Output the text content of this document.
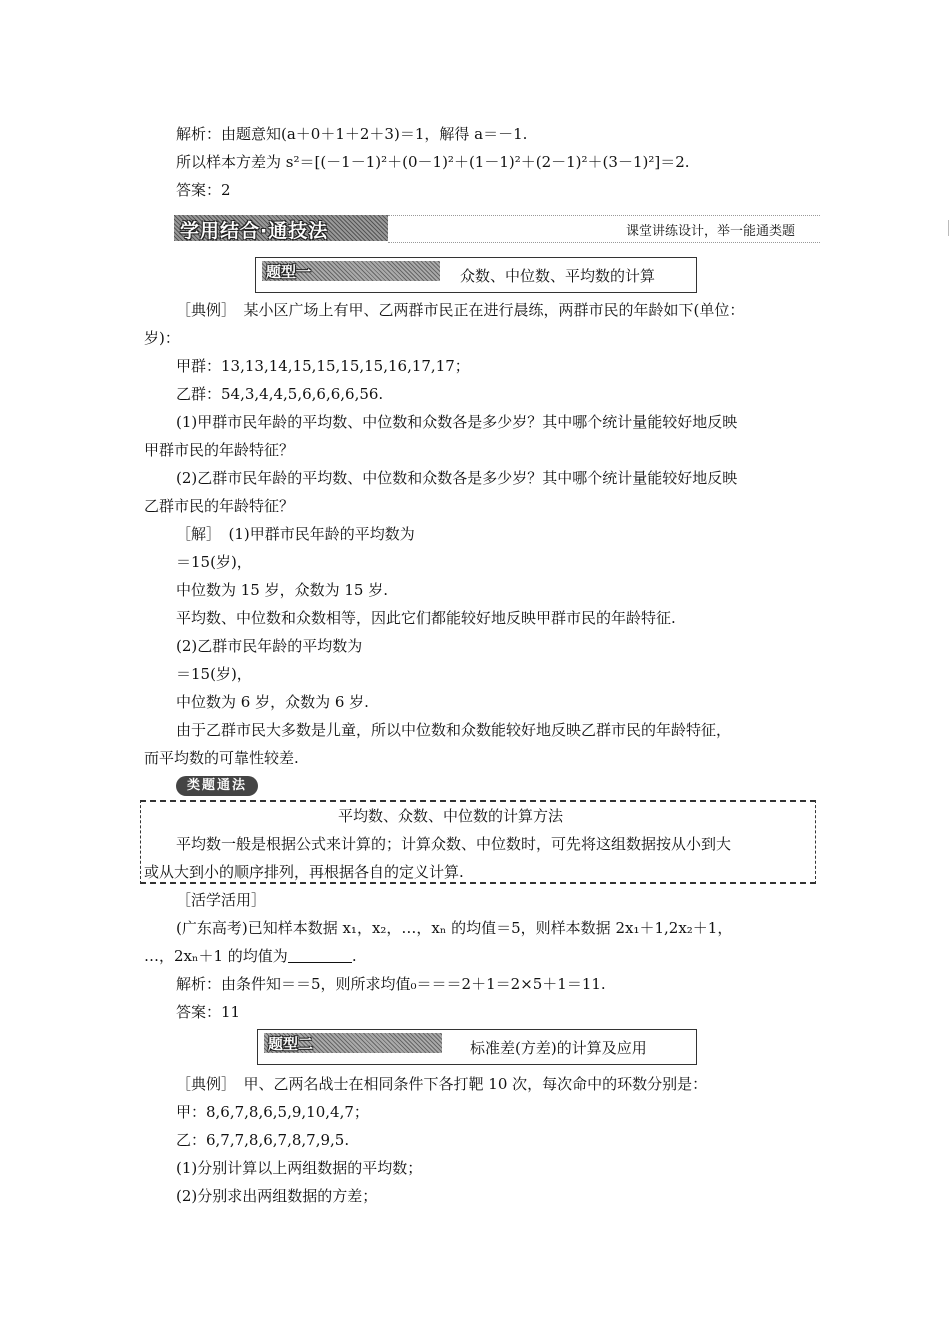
解析：由题意知(a＋0＋1＋2＋3)＝1，解得 a＝－1.
所以样本方差为 s²＝[(－1－1)²＋(0－1)²＋(1－1)²＋(2－1)²＋(3－1)²]＝2.
答案：2
学用结合·通技法	课堂讲练设计，举一能通类题
题型一	众数、中位数、平均数的计算
［典例］　某小区广场上有甲、乙两群市民正在进行晨练，两群市民的年龄如下(单位：
岁)：
甲群：13,13,14,15,15,15,15,16,17,17；
乙群：54,3,4,4,5,6,6,6,6,56.
(1)甲群市民年龄的平均数、中位数和众数各是多少岁？其中哪个统计量能较好地反映
甲群市民的年龄特征？
(2)乙群市民年龄的平均数、中位数和众数各是多少岁？其中哪个统计量能较好地反映
乙群市民的年龄特征？
［解］　(1)甲群市民年龄的平均数为
＝15(岁)，
中位数为 15 岁，众数为 15 岁.
平均数、中位数和众数相等，因此它们都能较好地反映甲群市民的年龄特征.
(2)乙群市民年龄的平均数为
＝15(岁)，
中位数为 6 岁，众数为 6 岁.
由于乙群市民大多数是儿童，所以中位数和众数能较好地反映乙群市民的年龄特征，
而平均数的可靠性较差.
类题通法
平均数、众数、中位数的计算方法
平均数一般是根据公式来计算的；计算众数、中位数时，可先将这组数据按从小到大
或从大到小的顺序排列，再根据各自的定义计算.
［活学活用］
(广东高考)已知样本数据 x₁，x₂，…，xₙ 的均值＝5，则样本数据 2x₁＋1,2x₂＋1，
…，2xₙ＋1 的均值为	.
解析：由条件知＝＝5，则所求均值₀＝＝＝2＋1＝2×5＋1＝11.
答案：11
题型二	标准差(方差)的计算及应用
［典例］　甲、乙两名战士在相同条件下各打靶 10 次，每次命中的环数分别是：
甲：8,6,7,8,6,5,9,10,4,7；
乙：6,7,7,8,6,7,8,7,9,5.
(1)分别计算以上两组数据的平均数；
(2)分别求出两组数据的方差；
